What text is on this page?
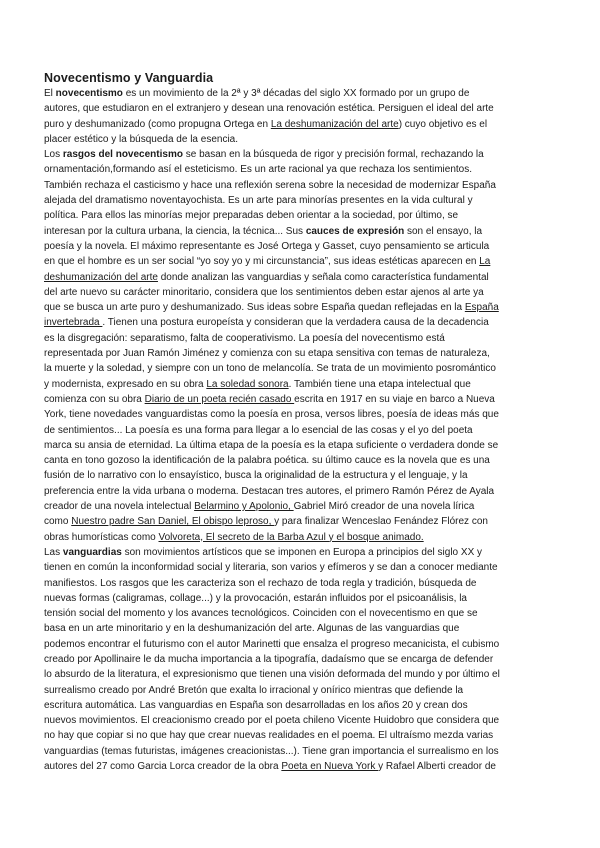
Novecentismo y Vanguardia
El novecentismo es un movimiento de la 2ª y 3ª décadas del siglo XX formado por un grupo de
autores, que estudiaron en el extranjero y desean una renovación estética. Persiguen el ideal del arte
puro y deshumanizado (como propugna Ortega en La deshumanización del arte) cuyo objetivo es el
placer estético y la búsqueda de la esencia.
Los rasgos del novecentismo se basan en la búsqueda de rigor y precisión formal, rechazando la
ornamentación,formando así el esteticismo. Es un arte racional ya que rechaza los sentimientos.
También rechaza el casticismo y hace una reflexión serena sobre la necesidad de modernizar España
alejada del dramatismo noventayochista. Es un arte para minorías presentes en la vida cultural y
política. Para ellos las minorías mejor preparadas deben orientar a la sociedad, por último, se
interesan por la cultura urbana, la ciencia, la técnica... Sus cauces de expresión son el ensayo, la
poesía y la novela. El máximo representante es José Ortega y Gasset, cuyo pensamiento se articula
en que el hombre es un ser social “yo soy yo y mi circunstancia”, sus ideas estéticas aparecen en La
deshumanización del arte donde analizan las vanguardias y señala como característica fundamental
del arte nuevo su carácter minoritario, considera que los sentimientos deben estar ajenos al arte ya
que se busca un arte puro y deshumanizado. Sus ideas sobre España quedan reflejadas en la España
invertebrada . Tienen una postura europeísta y consideran que la verdadera causa de la decadencia
es la disgregación: separatismo, falta de cooperativismo. La poesía del novecentismo está
representada por Juan Ramón Jiménez y comienza con su etapa sensitiva con temas de naturaleza,
la muerte y la soledad, y siempre con un tono de melancolía. Se trata de un movimiento posromántico
y modernista, expresado en su obra La soledad sonora. También tiene una etapa intelectual que
comienza con su obra Diario de un poeta recién casado escrita en 1917 en su viaje en barco a Nueva
York, tiene novedades vanguardistas como la poesía en prosa, versos libres, poesía de ideas más que
de sentimientos... La poesía es una forma para llegar a lo esencial de las cosas y el yo del poeta
marca su ansia de eternidad. La última etapa de la poesía es la etapa suficiente o verdadera donde se
canta en tono gozoso la identificación de la palabra poética. su último cauce es la novela que es una
fusión de lo narrativo con lo ensayístico, busca la originalidad de la estructura y el lenguaje, y la
preferencia entre la vida urbana o moderna. Destacan tres autores, el primero Ramón Pérez de Ayala
creador de una novela intelectual Belarmino y Apolonio, Gabriel Miró creador de una novela lírica
como Nuestro padre San Daniel, El obispo leproso, y para finalizar Wenceslao Fenández Flórez con
obras humorísticas como Volvoreta, El secreto de la Barba Azul y el bosque animado.
Las vanguardias son movimientos artísticos que se imponen en Europa a principios del siglo XX y
tienen en común la inconformidad social y literaria, son varios y efímeros y se dan a conocer mediante
manifiestos. Los rasgos que les caracteriza son el rechazo de toda regla y tradición, búsqueda de
nuevas formas (caligramas, collage...) y la provocación, estarán influidos por el psicoanálisis, la
tensión social del momento y los avances tecnológicos. Coinciden con el novecentismo en que se
basa en un arte minoritario y en la deshumanización del arte. Algunas de las vanguardias que
podemos encontrar el futurismo con el autor Marinetti que ensalza el progreso mecanicista, el cubismo
creado por Apollinaire le da mucha importancia a la tipografía, dadaísmo que se encarga de defender
lo absurdo de la literatura, el expresionismo que tienen una visión deformada del mundo y por último el
surrealismo creado por André Bretón que exalta lo irracional y onírico mientras que defiende la
escritura automática. Las vanguardias en España son desarrolladas en los años 20 y crean dos
nuevos movimientos. El creacionismo creado por el poeta chileno Vicente Huidobro que considera que
no hay que copiar si no que hay que crear nuevas realidades en el poema. El ultraísmo mezda varias
vanguardias (temas futuristas, imágenes creacionistas...). Tiene gran importancia el surrealismo en los
autores del 27 como Garcia Lorca creador de la obra Poeta en Nueva York y Rafael Alberti creador de
